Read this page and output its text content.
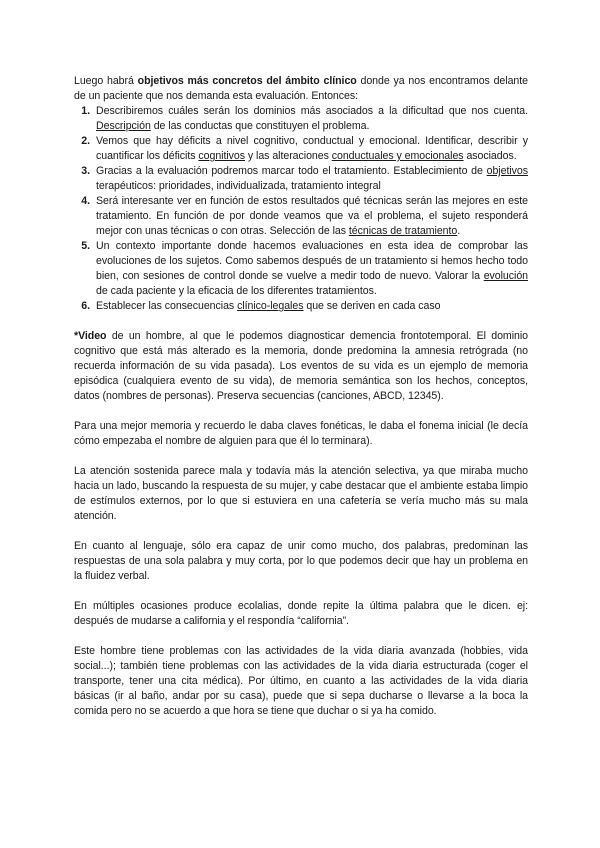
Luego habrá objetivos más concretos del ámbito clínico donde ya nos encontramos delante de un paciente que nos demanda esta evaluación. Entonces:

1. Describiremos cuáles serán los dominios más asociados a la dificultad que nos cuenta. Descripción de las conductas que constituyen el problema.
2. Vemos que hay déficits a nivel cognitivo, conductual y emocional. Identificar, describir y cuantificar los déficits cognitivos y las alteraciones conductuales y emocionales asociados.
3. Gracias a la evaluación podremos marcar todo el tratamiento. Establecimiento de objetivos terapéuticos: prioridades, individualizada, tratamiento integral
4. Será interesante ver en función de estos resultados qué técnicas serán las mejores en este tratamiento. En función de por donde veamos que va el problema, el sujeto responderá mejor con unas técnicas o con otras. Selección de las técnicas de tratamiento.
5. Un contexto importante donde hacemos evaluaciones en esta idea de comprobar las evoluciones de los sujetos. Como sabemos después de un tratamiento si hemos hecho todo bien, con sesiones de control donde se vuelve a medir todo de nuevo. Valorar la evolución de cada paciente y la eficacia de los diferentes tratamientos.
6. Establecer las consecuencias clínico-legales que se deriven en cada caso

*Video de un hombre, al que le podemos diagnosticar demencia frontotemporal. El dominio cognitivo que está más alterado es la memoria, donde predomina la amnesia retrógrada (no recuerda información de su vida pasada). Los eventos de su vida es un ejemplo de memoria episódica (cualquiera evento de su vida), de memoria semántica son los hechos, conceptos, datos (nombres de personas). Preserva secuencias (canciones, ABCD, 12345).

Para una mejor memoria y recuerdo le daba claves fonéticas, le daba el fonema inicial (le decía cómo empezaba el nombre de alguien para que él lo terminara).

La atención sostenida parece mala y todavía más la atención selectiva, ya que miraba mucho hacia un lado, buscando la respuesta de su mujer, y cabe destacar que el ambiente estaba limpio de estímulos externos, por lo que si estuviera en una cafetería se vería mucho más su mala atención.

En cuanto al lenguaje, sólo era capaz de unir como mucho, dos palabras, predominan las respuestas de una sola palabra y muy corta, por lo que podemos decir que hay un problema en la fluidez verbal.

En múltiples ocasiones produce ecolalias, donde repite la última palabra que le dicen. ej: después de mudarse a california y el respondía “california”.

Este hombre tiene problemas con las actividades de la vida diaria avanzada (hobbies, vida social...); también tiene problemas con las actividades de la vida diaria estructurada (coger el transporte, tener una cita médica). Por último, en cuanto a las actividades de la vida diaria básicas (ir al baño, andar por su casa), puede que si sepa ducharse o llevarse a la boca la comida pero no se acuerdo a que hora se tiene que duchar o si ya ha comido.
